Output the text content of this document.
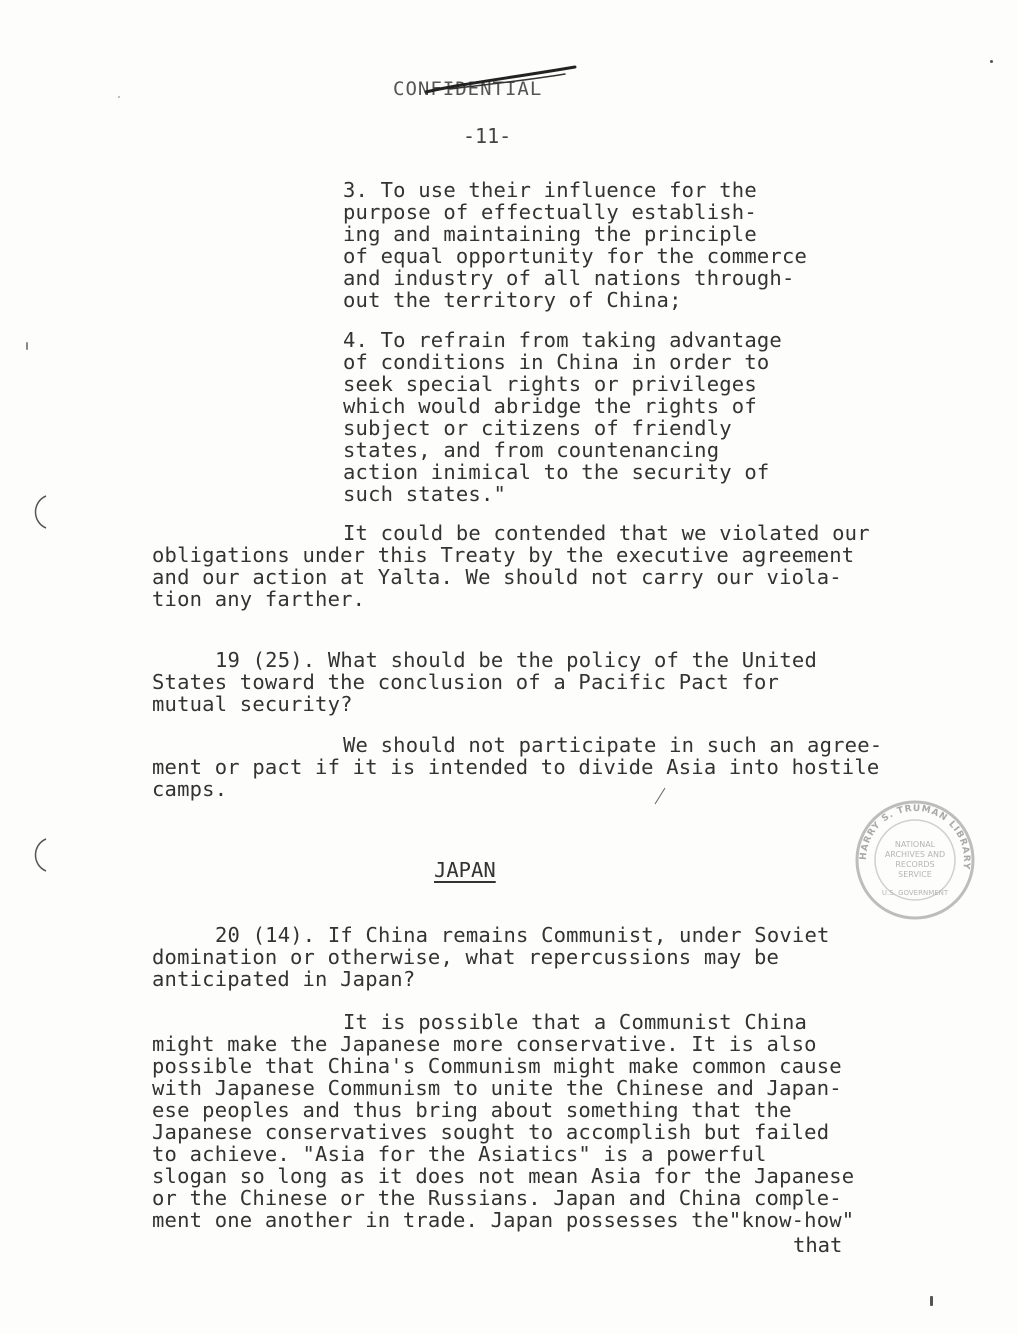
CONFIDENTIAL
-11-
3. To use their influence for the
purpose of effectually establish-
ing and maintaining the principle
of equal opportunity for the commerce
and industry of all nations through-
out the territory of China;
4. To refrain from taking advantage
of conditions in China in order to
seek special rights or privileges
which would abridge the rights of
subject or citizens of friendly
states, and from countenancing
action inimical to the security of
such states."
It could be contended that we violated our
obligations under this Treaty by the executive agreement
and our action at Yalta. We should not carry our viola-
tion any farther.
19 (25). What should be the policy of the United
States toward the conclusion of a Pacific Pact for
mutual security?
We should not participate in such an agree-
ment or pact if it is intended to divide Asia into hostile
camps.
JAPAN
20 (14). If China remains Communist, under Soviet
domination or otherwise, what repercussions may be
anticipated in Japan?
It is possible that a Communist China
might make the Japanese more conservative. It is also
possible that China's Communism might make common cause
with Japanese Communism to unite the Chinese and Japan-
ese peoples and thus bring about something that the
Japanese conservatives sought to accomplish but failed
to achieve. "Asia for the Asiatics" is a powerful
slogan so long as it does not mean Asia for the Japanese
or the Chinese or the Russians. Japan and China comple-
ment one another in trade. Japan possesses the"know-how"
that
HARRY S. TRUMAN LIBRARY
NATIONAL
ARCHIVES AND
RECORDS
SERVICE
U.S. GOVERNMENT
